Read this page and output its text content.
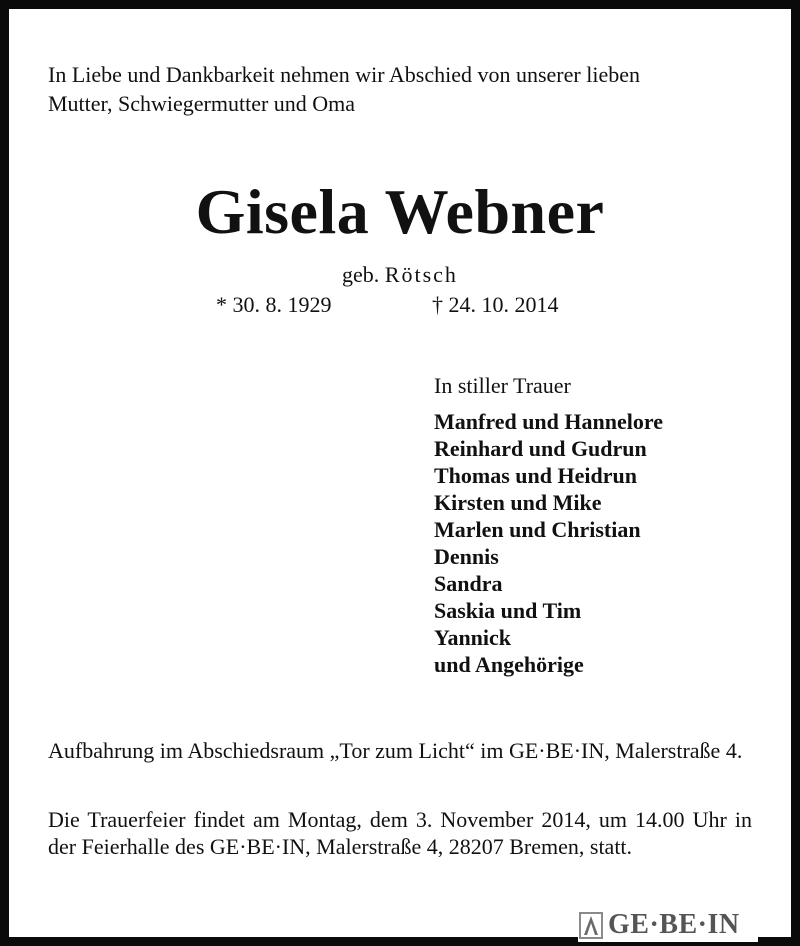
In Liebe und Dankbarkeit nehmen wir Abschied von unserer lieben
Mutter, Schwiegermutter und Oma
Gisela Webner
geb. Rötsch
* 30. 8. 1929	† 24. 10. 2014
In stiller Trauer
Manfred und Hannelore
Reinhard und Gudrun
Thomas und Heidrun
Kirsten und Mike
Marlen und Christian
Dennis
Sandra
Saskia und Tim
Yannick
und Angehörige
Aufbahrung im Abschiedsraum „Tor zum Licht“ im GE·BE·IN, Malerstraße 4.
Die Trauerfeier findet am Montag, dem 3. November 2014, um 14.00 Uhr in der Feierhalle des GE·BE·IN, Malerstraße 4, 28207 Bremen, statt.
GE·BE·IN
